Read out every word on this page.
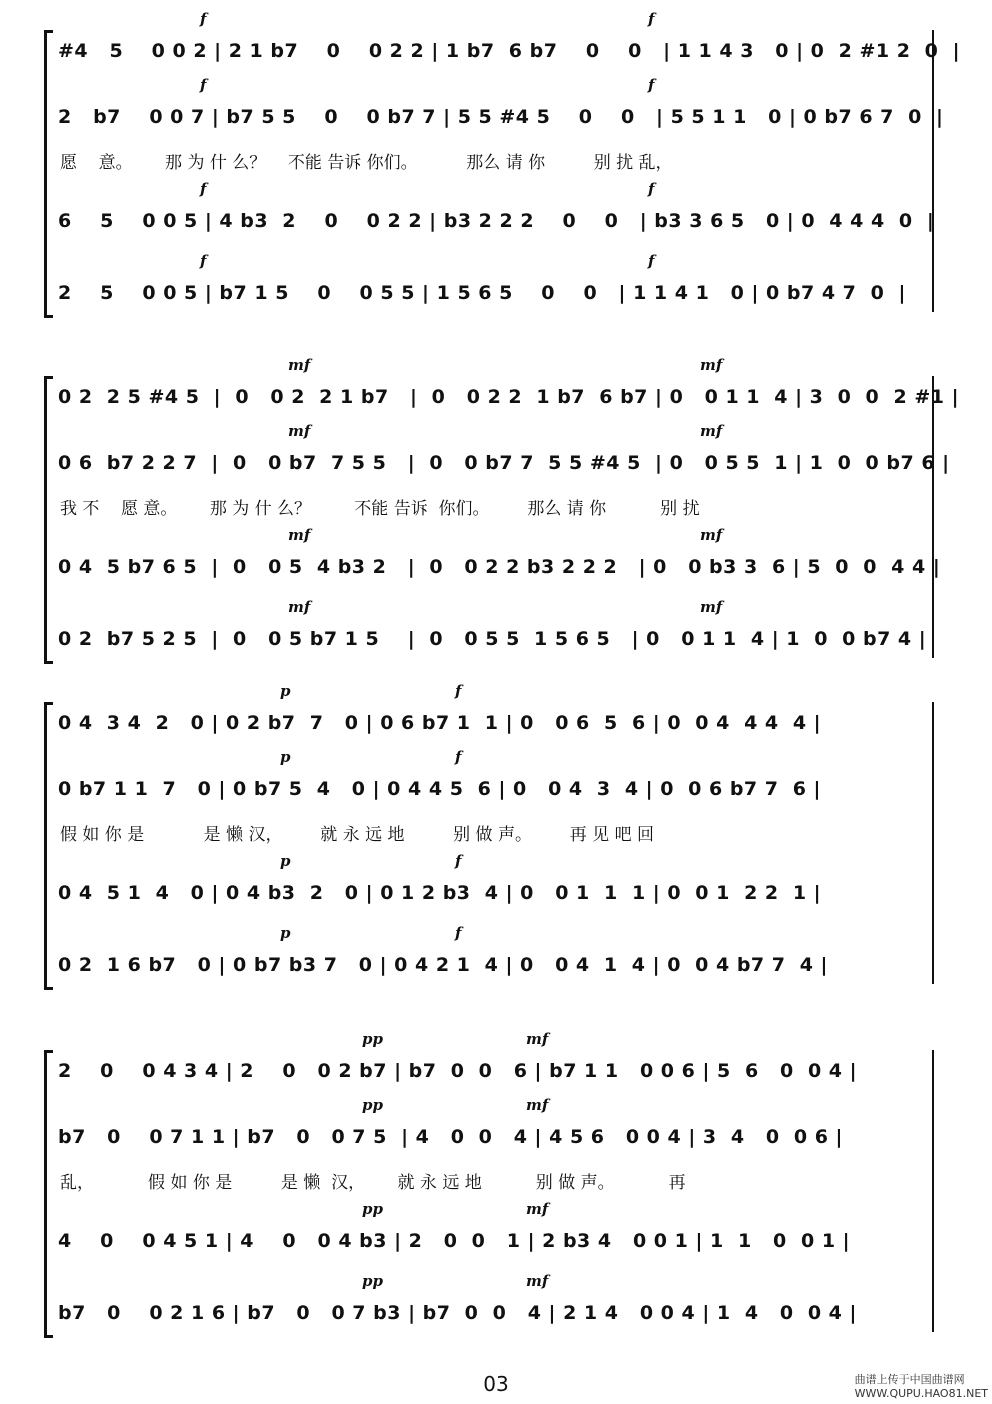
#4   5    0 0 2 | 2 1 b7    0    0 2 2 | 1 b7  6 b7    0    0   | 1 1 4 3   0 | 0  2 #1 2  0  |
f	f
2   b7    0 0 7 | b7 5 5    0    0 b7 7 | 5 5 #4 5    0    0   | 5 5 1 1   0 | 0 b7 6 7  0  |
f	f
6    5    0 0 5 | 4 b3  2    0    0 2 2 | b3 2 2 2    0    0   | b3 3 6 5   0 | 0  4 4 4  0  |
f	f
2    5    0 0 5 | b7 1 5    0    0 5 5 | 1 5 6 5    0    0   | 1 1 4 1   0 | 0 b7 4 7  0  |
f	f
愿    意。      那 为 什 么？    不能 告诉 你们。         那么 请 你         别 扰 乱，
0 2  2 5 #4 5  |  0   0 2  2 1 b7   |  0   0 2 2  1 b7  6 b7 | 0   0 1 1  4 | 3  0  0  2 #1 |
mf	mf
0 6  b7 2 2 7  |  0   0 b7  7 5 5   |  0   0 b7 7  5 5 #4 5  | 0   0 5 5  1 | 1  0  0 b7 6 |
mf	mf
0 4  5 b7 6 5  |  0   0 5  4 b3 2   |  0   0 2 2 b3 2 2 2   | 0   0 b3 3  6 | 5  0  0  4 4 |
mf	mf
0 2  b7 5 2 5  |  0   0 5 b7 1 5    |  0   0 5 5  1 5 6 5   | 0   0 1 1  4 | 1  0  0 b7 4 |
mf	mf
我 不    愿 意。      那 为 什 么？        不能 告诉  你们。       那么 请 你          别 扰
0 4  3 4  2   0 | 0 2 b7  7   0 | 0 6 b7 1  1 | 0   0 6  5  6 | 0  0 4  4 4  4 |
p	f
0 b7 1 1  7   0 | 0 b7 5  4   0 | 0 4 4 5  6 | 0   0 4  3  4 | 0  0 6 b7 7  6 |
p	f
0 4  5 1  4   0 | 0 4 b3  2   0 | 0 1 2 b3  4 | 0   0 1  1  1 | 0  0 1  2 2  1 |
p	f
0 2  1 6 b7   0 | 0 b7 b3 7   0 | 0 4 2 1  4 | 0   0 4  1  4 | 0  0 4 b7 7  4 |
p	f
假 如 你 是           是 懒 汉，       就 永 远 地         别 做 声。       再 见 吧 回
2    0    0 4 3 4 | 2    0   0 2 b7 | b7  0  0   6 | b7 1 1   0 0 6 | 5  6   0  0 4 |
pp	mf
b7   0    0 7 1 1 | b7   0   0 7 5  | 4   0  0   4 | 4 5 6   0 0 4 | 3  4   0  0 6 |
pp	mf
4    0    0 4 5 1 | 4    0   0 4 b3 | 2   0  0   1 | 2 b3 4   0 0 1 | 1  1   0  0 1 |
pp	mf
b7   0    0 2 1 6 | b7   0   0 7 b3 | b7  0  0   4 | 2 1 4   0 0 4 | 1  4   0  0 4 |
pp	mf
乱，          假 如 你 是         是 懒  汉，      就 永 远 地          别 做 声。          再
03	曲谱上传于中国曲谱网
WWW.QUPU.HAO81.NET
